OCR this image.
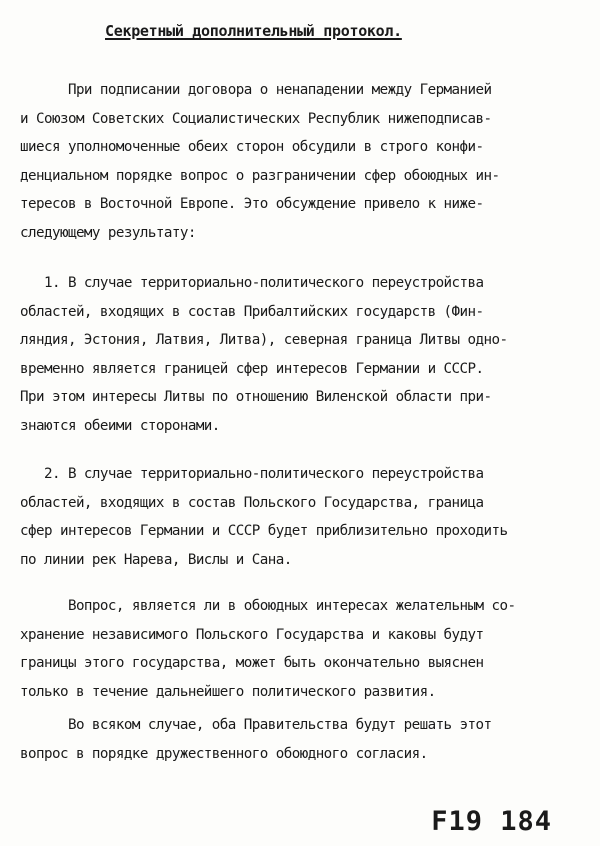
Секретный дополнительный протокол.
При подписании договора о ненападении между Германией
и Союзом Советских Социалистических Республик нижеподписав-
шиеся уполномоченные обеих сторон обсудили в строго конфи-
денциальном порядке вопрос о разграничении сфер обоюдных ин-
тересов в Восточной Европе. Это обсуждение привело к ниже-
следующему результату:
1. В случае территориально-политического переустройства
областей, входящих в состав Прибалтийских государств (Фин-
ляндия, Эстония, Латвия, Литва), северная граница Литвы одно-
временно является границей сфер интересов Германии и СССР.
При этом интересы Литвы по отношению Виленской области при-
знаются обеими сторонами.
2. В случае территориально-политического переустройства
областей, входящих в состав Польского Государства, граница
сфер интересов Германии и СССР будет приблизительно проходить
по линии рек Нарева, Вислы и Сана.
Вопрос, является ли в обоюдных интересах желательным со-
хранение независимого Польского Государства и каковы будут
границы этого государства, может быть окончательно выяснен
только в течение дальнейшего политического развития.
Во всяком случае, оба Правительства будут решать этот
вопрос в порядке дружественного обоюдного согласия.
F19 184
